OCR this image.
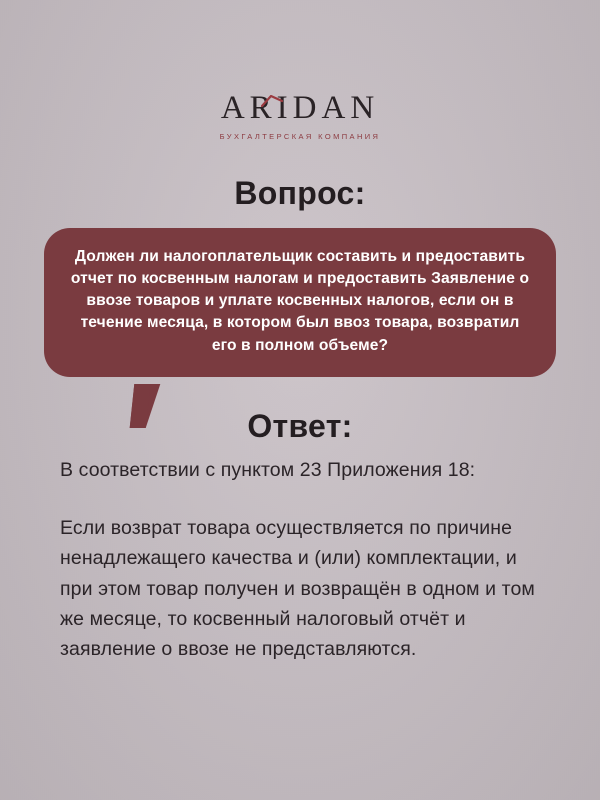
ARIDAN
БУХГАЛТЕРСКАЯ КОМПАНИЯ
Вопрос:
Должен ли налогоплательщик составить и предоставить отчет по косвенным налогам и предоставить Заявление о ввозе товаров и уплате косвенных налогов, если он в течение месяца, в котором был ввоз товара, возвратил его в полном объеме?
Ответ:

В соответствии с пунктом 23 Приложения 18:

Если возврат товара осуществляется по причине ненадлежащего качества и (или) комплектации, и при этом товар получен и возвращён в одном и том же месяце, то косвенный налоговый отчёт и заявление о ввозе не представляются.
